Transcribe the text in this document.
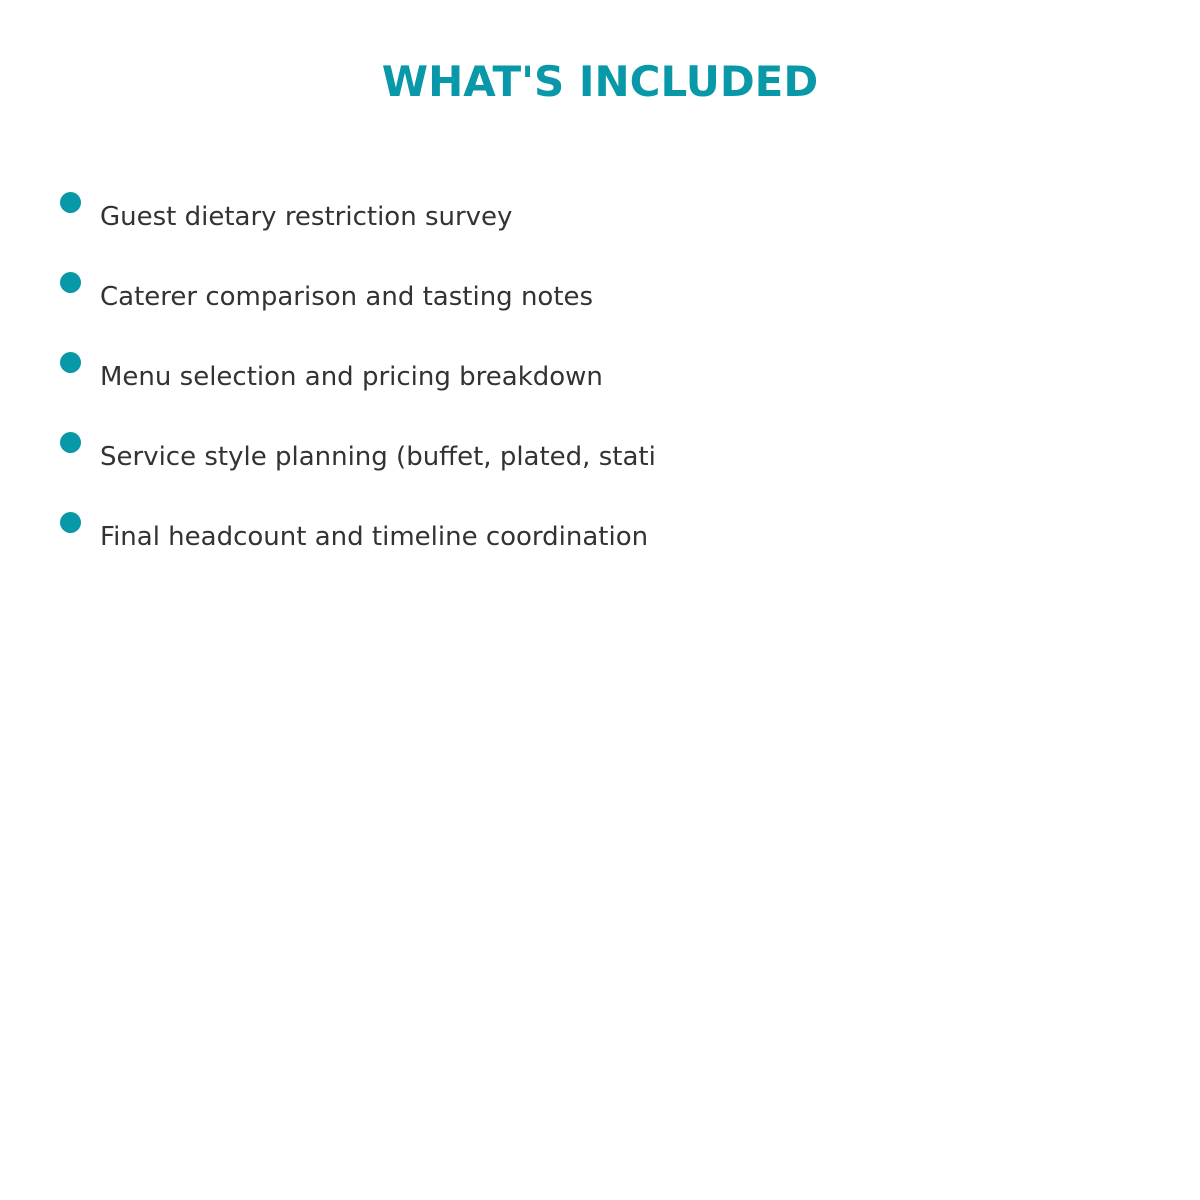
WHAT'S INCLUDED
Guest dietary restriction survey
Caterer comparison and tasting notes
Menu selection and pricing breakdown
Service style planning (buffet, plated, stati
Final headcount and timeline coordination
